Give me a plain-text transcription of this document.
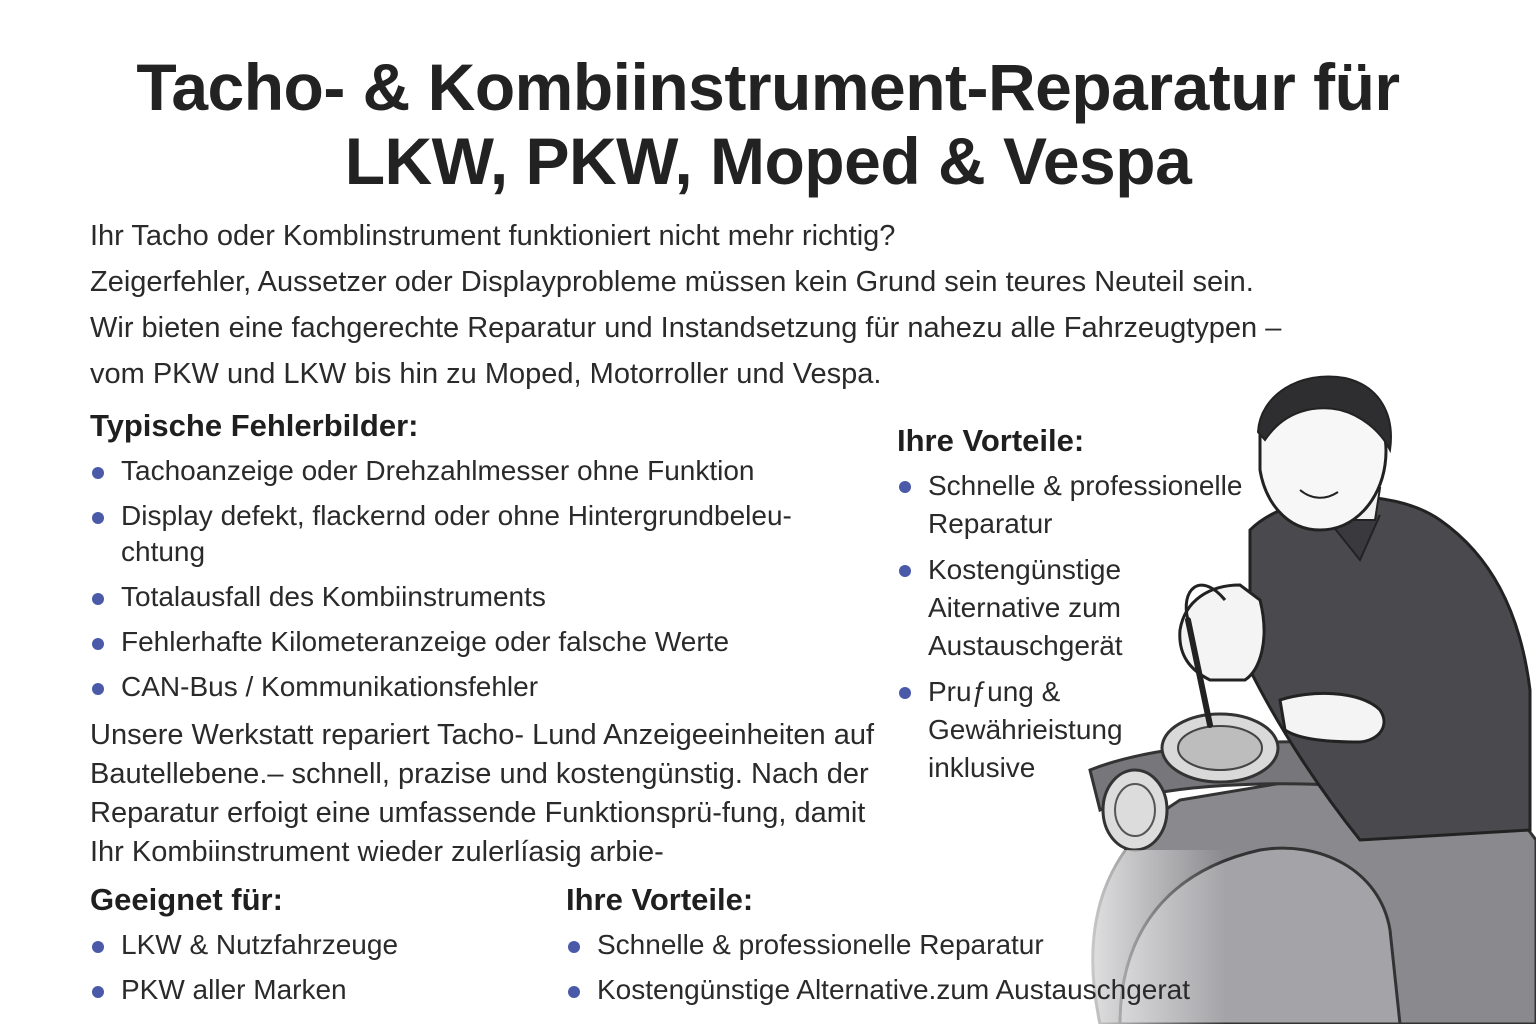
Tacho- & Kombiinstrument-Reparatur für
LKW, PKW, Moped & Vespa

Ihr Tacho oder Komblinstrument funktioniert nicht mehr richtig?

Zeigerfehler, Aussetzer oder Displayprobleme müssen kein Grund sein teures Neuteil sein.

Wir bieten eine fachgerechte Reparatur und Instandsetzung für nahezu alle Fahrzeugtypen –

vom PKW und LKW bis hin zu Moped, Motorroller und Vespa.

Typische Fehlerbilder:
Tachoanzeige oder Drehzahlmesser ohne Funktion
Display defekt, flackernd oder ohne Hintergrundbeleu-chtung
Totalausfall des Kombiinstruments
Fehlerhafte Kilometeranzeige oder falsche Werte
CAN-Bus / Kommunikationsfehler

Unsere Werkstatt repariert Tacho- Lund Anzeigeeinheiten auf Bautellebene.– schnell, prazise und kostengünstig. Nach der Reparatur erfoigt eine umfassende Funktionsprü-fung, damit Ihr Kombiinstrument wieder zulerlíasig arbie-

Ihre Vorteile:
Schnelle & professionelle Reparatur
Kostengünstige Aiternative zum Austauschgerät
Pruƒung & Gewährieistung inklusive
Geeignet für:
LKW & Nutzfahrzeuge
PKW aller Marken
Ihre Vorteile:
Schnelle & professionelle Reparatur
Kostengünstige Alternative.zum Austauschgerat
